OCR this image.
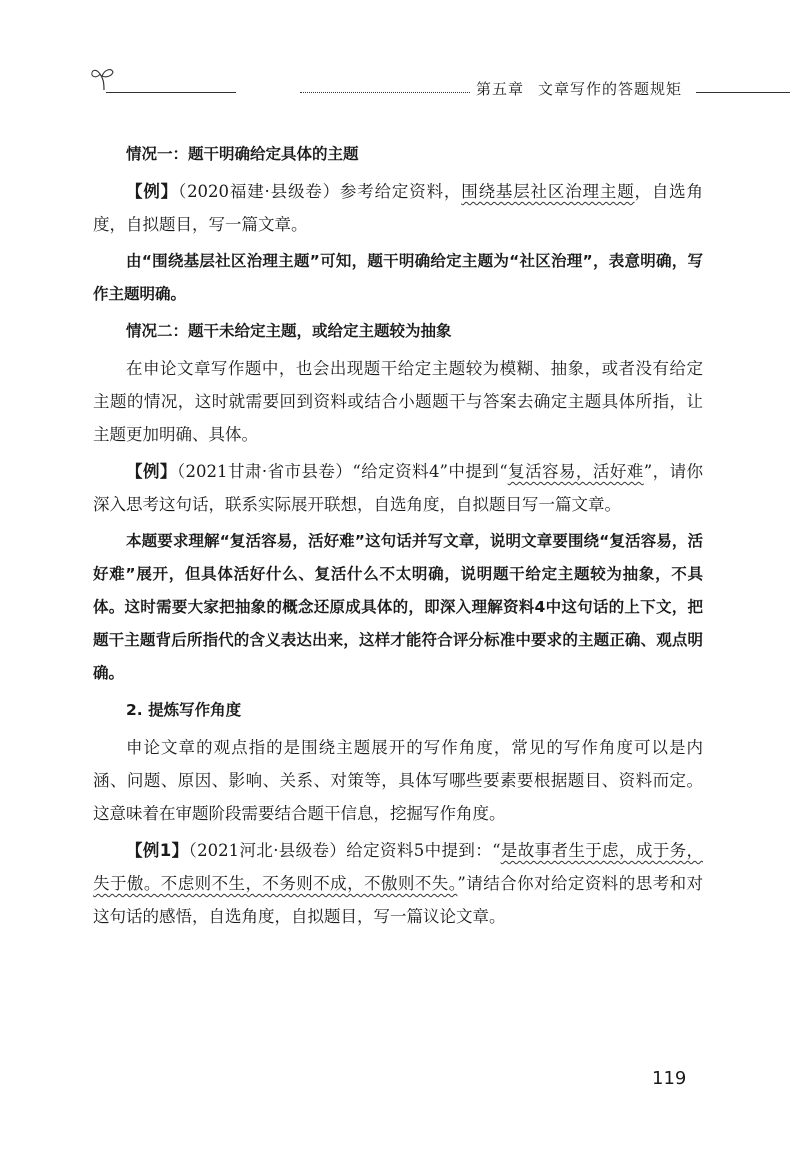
第五章 文章写作的答题规矩

情况一：题干明确给定具体的主题

【例】（2020福建·县级卷）参考给定资料，围绕基层社区治理主题，自选角度，自拟题目，写一篇文章。

由“围绕基层社区治理主题”可知，题干明确给定主题为“社区治理”，表意明确，写作主题明确。

情况二：题干未给定主题，或给定主题较为抽象

在申论文章写作题中，也会出现题干给定主题较为模糊、抽象，或者没有给定主题的情况，这时就需要回到资料或结合小题题干与答案去确定主题具体所指，让主题更加明确、具体。

【例】（2021甘肃·省市县卷）“给定资料4”中提到“复活容易，活好难”，请你深入思考这句话，联系实际展开联想，自选角度，自拟题目写一篇文章。

本题要求理解“复活容易，活好难”这句话并写文章，说明文章要围绕“复活容易，活好难”展开，但具体活好什么、复活什么不太明确，说明题干给定主题较为抽象，不具体。这时需要大家把抽象的概念还原成具体的，即深入理解资料4中这句话的上下文，把题干主题背后所指代的含义表达出来，这样才能符合评分标准中要求的主题正确、观点明确。

2. 提炼写作角度

申论文章的观点指的是围绕主题展开的写作角度，常见的写作角度可以是内涵、问题、原因、影响、关系、对策等，具体写哪些要素要根据题目、资料而定。这意味着在审题阶段需要结合题干信息，挖掘写作角度。

【例1】（2021河北·县级卷）给定资料5中提到：“是故事者生于虑，成于务，失于傲。不虑则不生，不务则不成，不傲则不失。”请结合你对给定资料的思考和对这句话的感悟，自选角度，自拟题目，写一篇议论文章。

119
